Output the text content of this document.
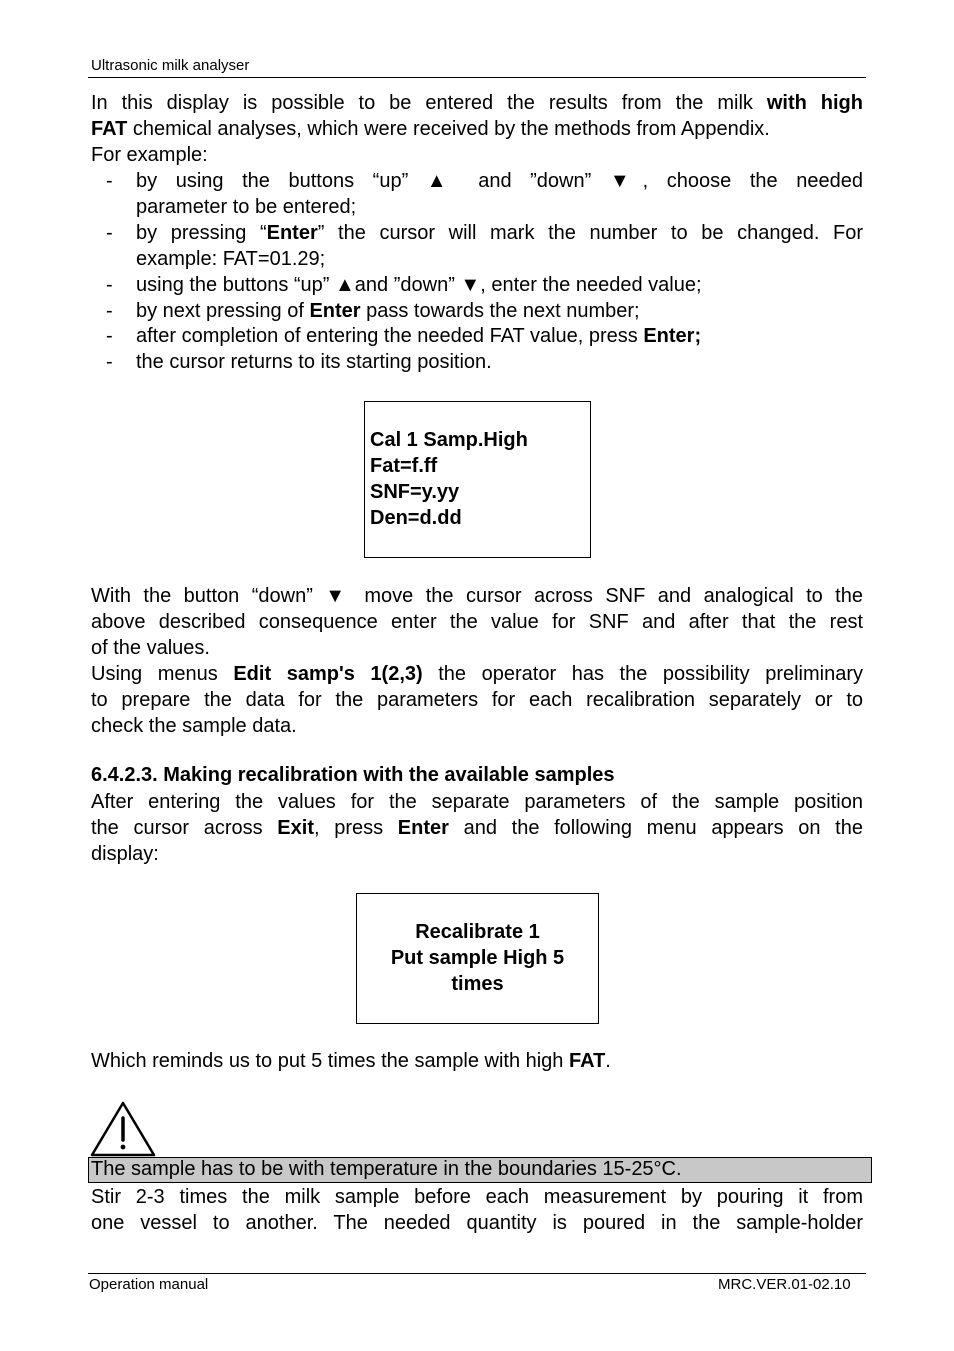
Ultrasonic milk analyser
In this display is possible to be entered the results from the milk with high
FAT chemical analyses, which were received by the methods from Appendix.
For example:
- by using the buttons “up” ▲ and ”down” ▼, choose the needed
parameter to be entered;
- by pressing “Enter” the cursor will mark the number to be changed. For
example: FAT=01.29;
- using the buttons “up” ▲and ”down” ▼, enter the needed value;
- by next pressing of Enter pass towards the next number;
- after completion of entering the needed FAT value, press Enter;
- the cursor returns to its starting position.
Cal 1 Samp.High
Fat=f.ff
SNF=y.yy
Den=d.dd
With the button “down” ▼ move the cursor across SNF and analogical to the
above described consequence enter the value for SNF and after that the rest
of the values.
Using menus Edit samp's 1(2,3) the operator has the possibility preliminary
to prepare the data for the parameters for each recalibration separately or to
check the sample data.
6.4.2.3. Making recalibration with the available samples
After entering the values for the separate parameters of the sample position
the cursor across Exit, press Enter and the following menu appears on the
display:
Recalibrate 1
Put sample High 5
times
Which reminds us to put 5 times the sample with high FAT.
The sample has to be with temperature in the boundaries 15-25°C.
Stir 2-3 times the milk sample before each measurement by pouring it from
one vessel to another. The needed quantity is poured in the sample-holder
Operation manual	MRC.VER.01-02.10
